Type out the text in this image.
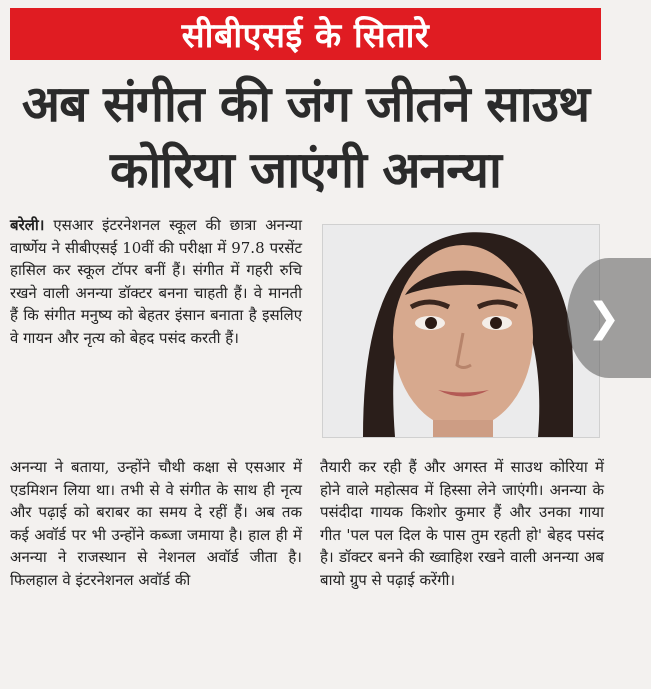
सीबीएसई के सितारे
अब संगीत की जंग जीतने साउथ
कोरिया जाएंगी अनन्या

बरेली। एसआर इंटरनेशनल स्कूल की छात्रा अनन्या वार्ष्णेय ने सीबीएसई 10वीं की परीक्षा में 97.8 परसेंट हासिल कर स्कूल टॉपर बनीं हैं। संगीत में गहरी रुचि रखने वाली अनन्या डॉक्टर बनना चाहती हैं। वे मानती हैं कि संगीत मनुष्य को बेहतर इंसान बनाता है इसलिए वे गायन और नृत्य को बेहद पसंद करती हैं।

अनन्या ने बताया, उन्होंने चौथी कक्षा से एसआर में एडमिशन लिया था। तभी से वे संगीत के साथ ही नृत्य और पढ़ाई को बराबर का समय दे रहीं हैं। अब तक कई अवॉर्ड पर भी उन्होंने कब्जा जमाया है। हाल ही में अनन्या ने राजस्थान से नेशनल अवॉर्ड जीता है। फिलहाल वे इंटरनेशनल अवॉर्ड की

तैयारी कर रही हैं और अगस्त में साउथ कोरिया में होने वाले महोत्सव में हिस्सा लेने जाएंगी। अनन्या के पसंदीदा गायक किशोर कुमार हैं और उनका गाया गीत 'पल पल दिल के पास तुम रहती हो' बेहद पसंद है। डॉक्टर बनने की ख्वाहिश रखने वाली अनन्या अब बायो ग्रुप से पढ़ाई करेंगी।

❯
